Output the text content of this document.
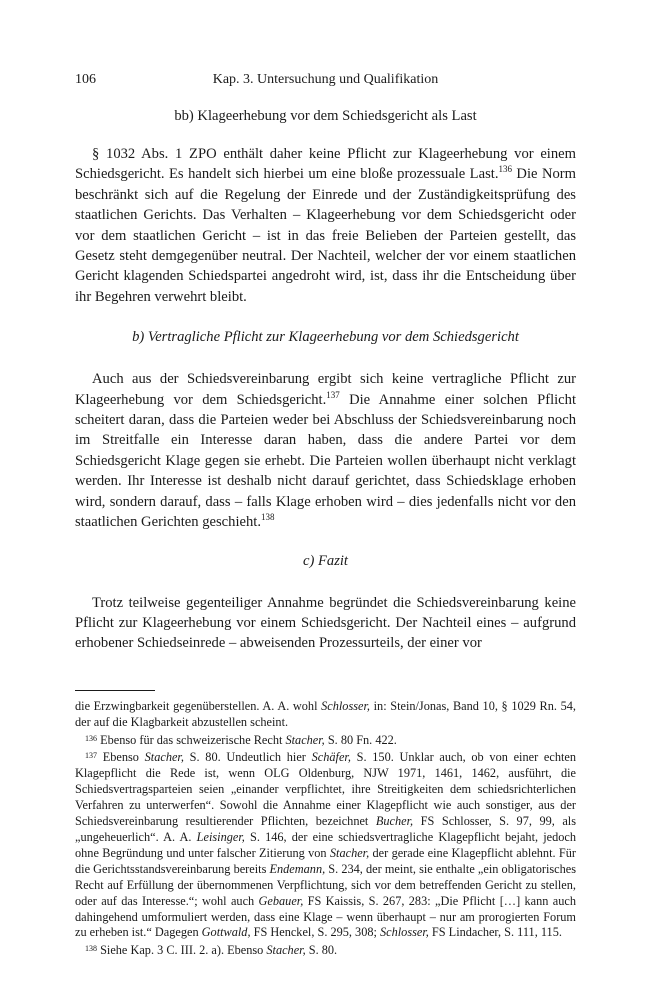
106	Kap. 3. Untersuchung und Qualifikation
bb) Klageerhebung vor dem Schiedsgericht als Last

§ 1032 Abs. 1 ZPO enthält daher keine Pflicht zur Klageerhebung vor einem Schiedsgericht. Es handelt sich hierbei um eine bloße prozessuale Last.$^{136}$ Die Norm beschränkt sich auf die Regelung der Einrede und der Zuständigkeitsprüfung des staatlichen Gerichts. Das Verhalten – Klageerhebung vor dem Schiedsgericht oder vor dem staatlichen Gericht – ist in das freie Belieben der Parteien gestellt, das Gesetz steht demgegenüber neutral. Der Nachteil, welcher der vor einem staatlichen Gericht klagenden Schiedspartei angedroht wird, ist, dass ihr die Entscheidung über ihr Begehren verwehrt bleibt.

b) Vertragliche Pflicht zur Klageerhebung vor dem Schiedsgericht

Auch aus der Schiedsvereinbarung ergibt sich keine vertragliche Pflicht zur Klageerhebung vor dem Schiedsgericht.$^{137}$ Die Annahme einer solchen Pflicht scheitert daran, dass die Parteien weder bei Abschluss der Schiedsvereinbarung noch im Streitfalle ein Interesse daran haben, dass die andere Partei vor dem Schiedsgericht Klage gegen sie erhebt. Die Parteien wollen überhaupt nicht verklagt werden. Ihr Interesse ist deshalb nicht darauf gerichtet, dass Schiedsklage erhoben wird, sondern darauf, dass – falls Klage erhoben wird – dies jedenfalls nicht vor den staatlichen Gerichten geschieht.$^{138}$

c) Fazit

Trotz teilweise gegenteiliger Annahme begründet die Schiedsvereinbarung keine Pflicht zur Klageerhebung vor einem Schiedsgericht. Der Nachteil eines – aufgrund erhobener Schiedseinrede – abweisenden Prozessurteils, der einer vor

die Erzwingbarkeit gegenüberstellen. A. A. wohl Schlosser, in: Stein/Jonas, Band 10, § 1029 Rn. 54, der auf die Klagbarkeit abzustellen scheint.

$^{136}$ Ebenso für das schweizerische Recht Stacher, S. 80 Fn. 422.

$^{137}$ Ebenso Stacher, S. 80. Undeutlich hier Schäfer, S. 150. Unklar auch, ob von einer echten Klagepflicht die Rede ist, wenn OLG Oldenburg, NJW 1971, 1461, 1462, ausführt, die Schiedsvertragsparteien seien „einander verpflichtet, ihre Streitigkeiten dem schiedsrichterlichen Verfahren zu unterwerfen“. Sowohl die Annahme einer Klagepflicht wie auch sonstiger, aus der Schiedsvereinbarung resultierender Pflichten, bezeichnet Bucher, FS Schlosser, S. 97, 99, als „ungeheuerlich“. A. A. Leisinger, S. 146, der eine schiedsvertragliche Klagepflicht bejaht, jedoch ohne Begründung und unter falscher Zitierung von Stacher, der gerade eine Klagepflicht ablehnt. Für die Gerichtsstandsvereinbarung bereits Endemann, S. 234, der meint, sie enthalte „ein obligatorisches Recht auf Erfüllung der übernommenen Verpflichtung, sich vor dem betreffenden Gericht zu stellen, oder auf das Interesse.“; wohl auch Gebauer, FS Kaissis, S. 267, 283: „Die Pflicht […] kann auch dahingehend umformuliert werden, dass eine Klage – wenn überhaupt – nur am prorogierten Forum zu erheben ist.“ Dagegen Gottwald, FS Henckel, S. 295, 308; Schlosser, FS Lindacher, S. 111, 115.

$^{138}$ Siehe Kap. 3 C. III. 2. a). Ebenso Stacher, S. 80.
